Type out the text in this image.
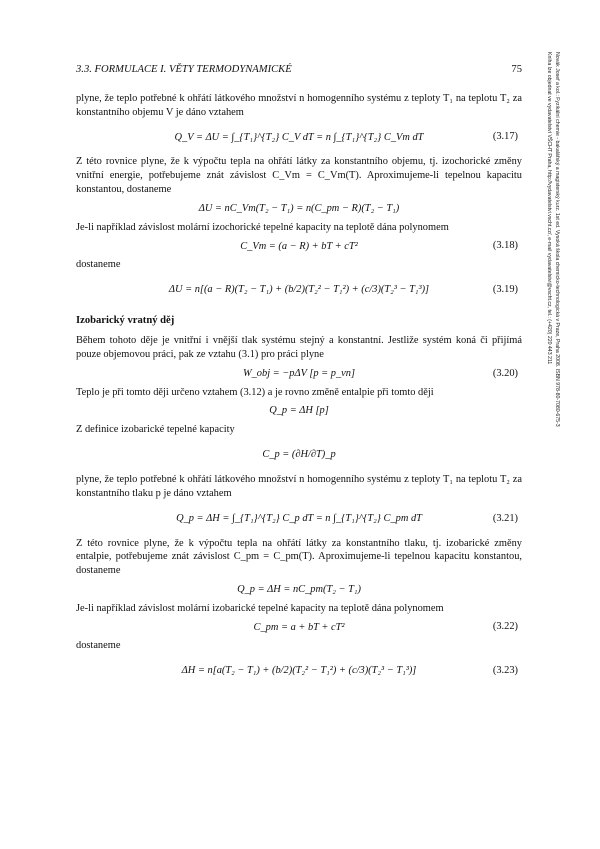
3.3. FORMULACE I. VĚTY TERMODYNAMICKÉ	75	Novák Josef a kol.: Fyzikální chemie - bakalářský a magisterský kurz. 1st ed. Vysoká škola chemicko-technologická v Praze, Praha 2008. ISBN 978-80-7080-675-3
Kniha lze objednat ve vydavatelství VŠCHT Praha, http://vydavatelstvi.vscht.cz/, e-mail vydavatelstvi@vscht.cz, tel.: (+420) 220 443 211

plyne, že teplo potřebné k ohřátí látkového množství n homogenního systému z teploty T₁ na teplotu T₂ za konstantního objemu V je dáno vztahem

Q_V = ΔU = ∫_{T₁}^{T₂} C_V dT = n ∫_{T₁}^{T₂} C_Vm dT	(3.17)

Z této rovnice plyne, že k výpočtu tepla na ohřátí látky za konstantního objemu, tj. izochorické změny vnitřní energie, potřebujeme znát závislost C_Vm = C_Vm(T). Aproximujeme-li tepelnou kapacitu konstantou, dostaneme

ΔU = nC_Vm(T₂ − T₁) = n(C_pm − R)(T₂ − T₁)

Je-li například závislost molární izochorické tepelné kapacity na teplotě dána polynomem

C_Vm = (a − R) + bT + cT²	(3.18)

dostaneme

ΔU = n[(a − R)(T₂ − T₁) + (b/2)(T₂² − T₁²) + (c/3)(T₂³ − T₁³)]	(3.19)
Izobarický vratný děj

Během tohoto děje je vnitřní i vnější tlak systému stejný a konstantní. Jestliže systém koná či přijímá pouze objemovou práci, pak ze vztahu (3.1) pro práci plyne

W_obj = −pΔV [p = p_vn]	(3.20)

Teplo je při tomto ději určeno vztahem (3.12) a je rovno změně entalpie při tomto ději

Q_p = ΔH [p]

Z definice izobarické tepelné kapacity

C_p = (∂H/∂T)_p

plyne, že teplo potřebné k ohřátí látkového množství n homogenního systému z teploty T₁ na teplotu T₂ za konstantního tlaku p je dáno vztahem

Q_p = ΔH = ∫_{T₁}^{T₂} C_p dT = n ∫_{T₁}^{T₂} C_pm dT	(3.21)

Z této rovnice plyne, že k výpočtu tepla na ohřátí látky za konstantního tlaku, tj. izobarické změny entalpie, potřebujeme znát závislost C_pm = C_pm(T). Aproximujeme-li tepelnou kapacitu konstantou, dostaneme

Q_p = ΔH = nC_pm(T₂ − T₁)

Je-li například závislost molární izobarické tepelné kapacity na teplotě dána polynomem

C_pm = a + bT + cT²	(3.22)

dostaneme

ΔH = n[a(T₂ − T₁) + (b/2)(T₂² − T₁²) + (c/3)(T₂³ − T₁³)]	(3.23)
